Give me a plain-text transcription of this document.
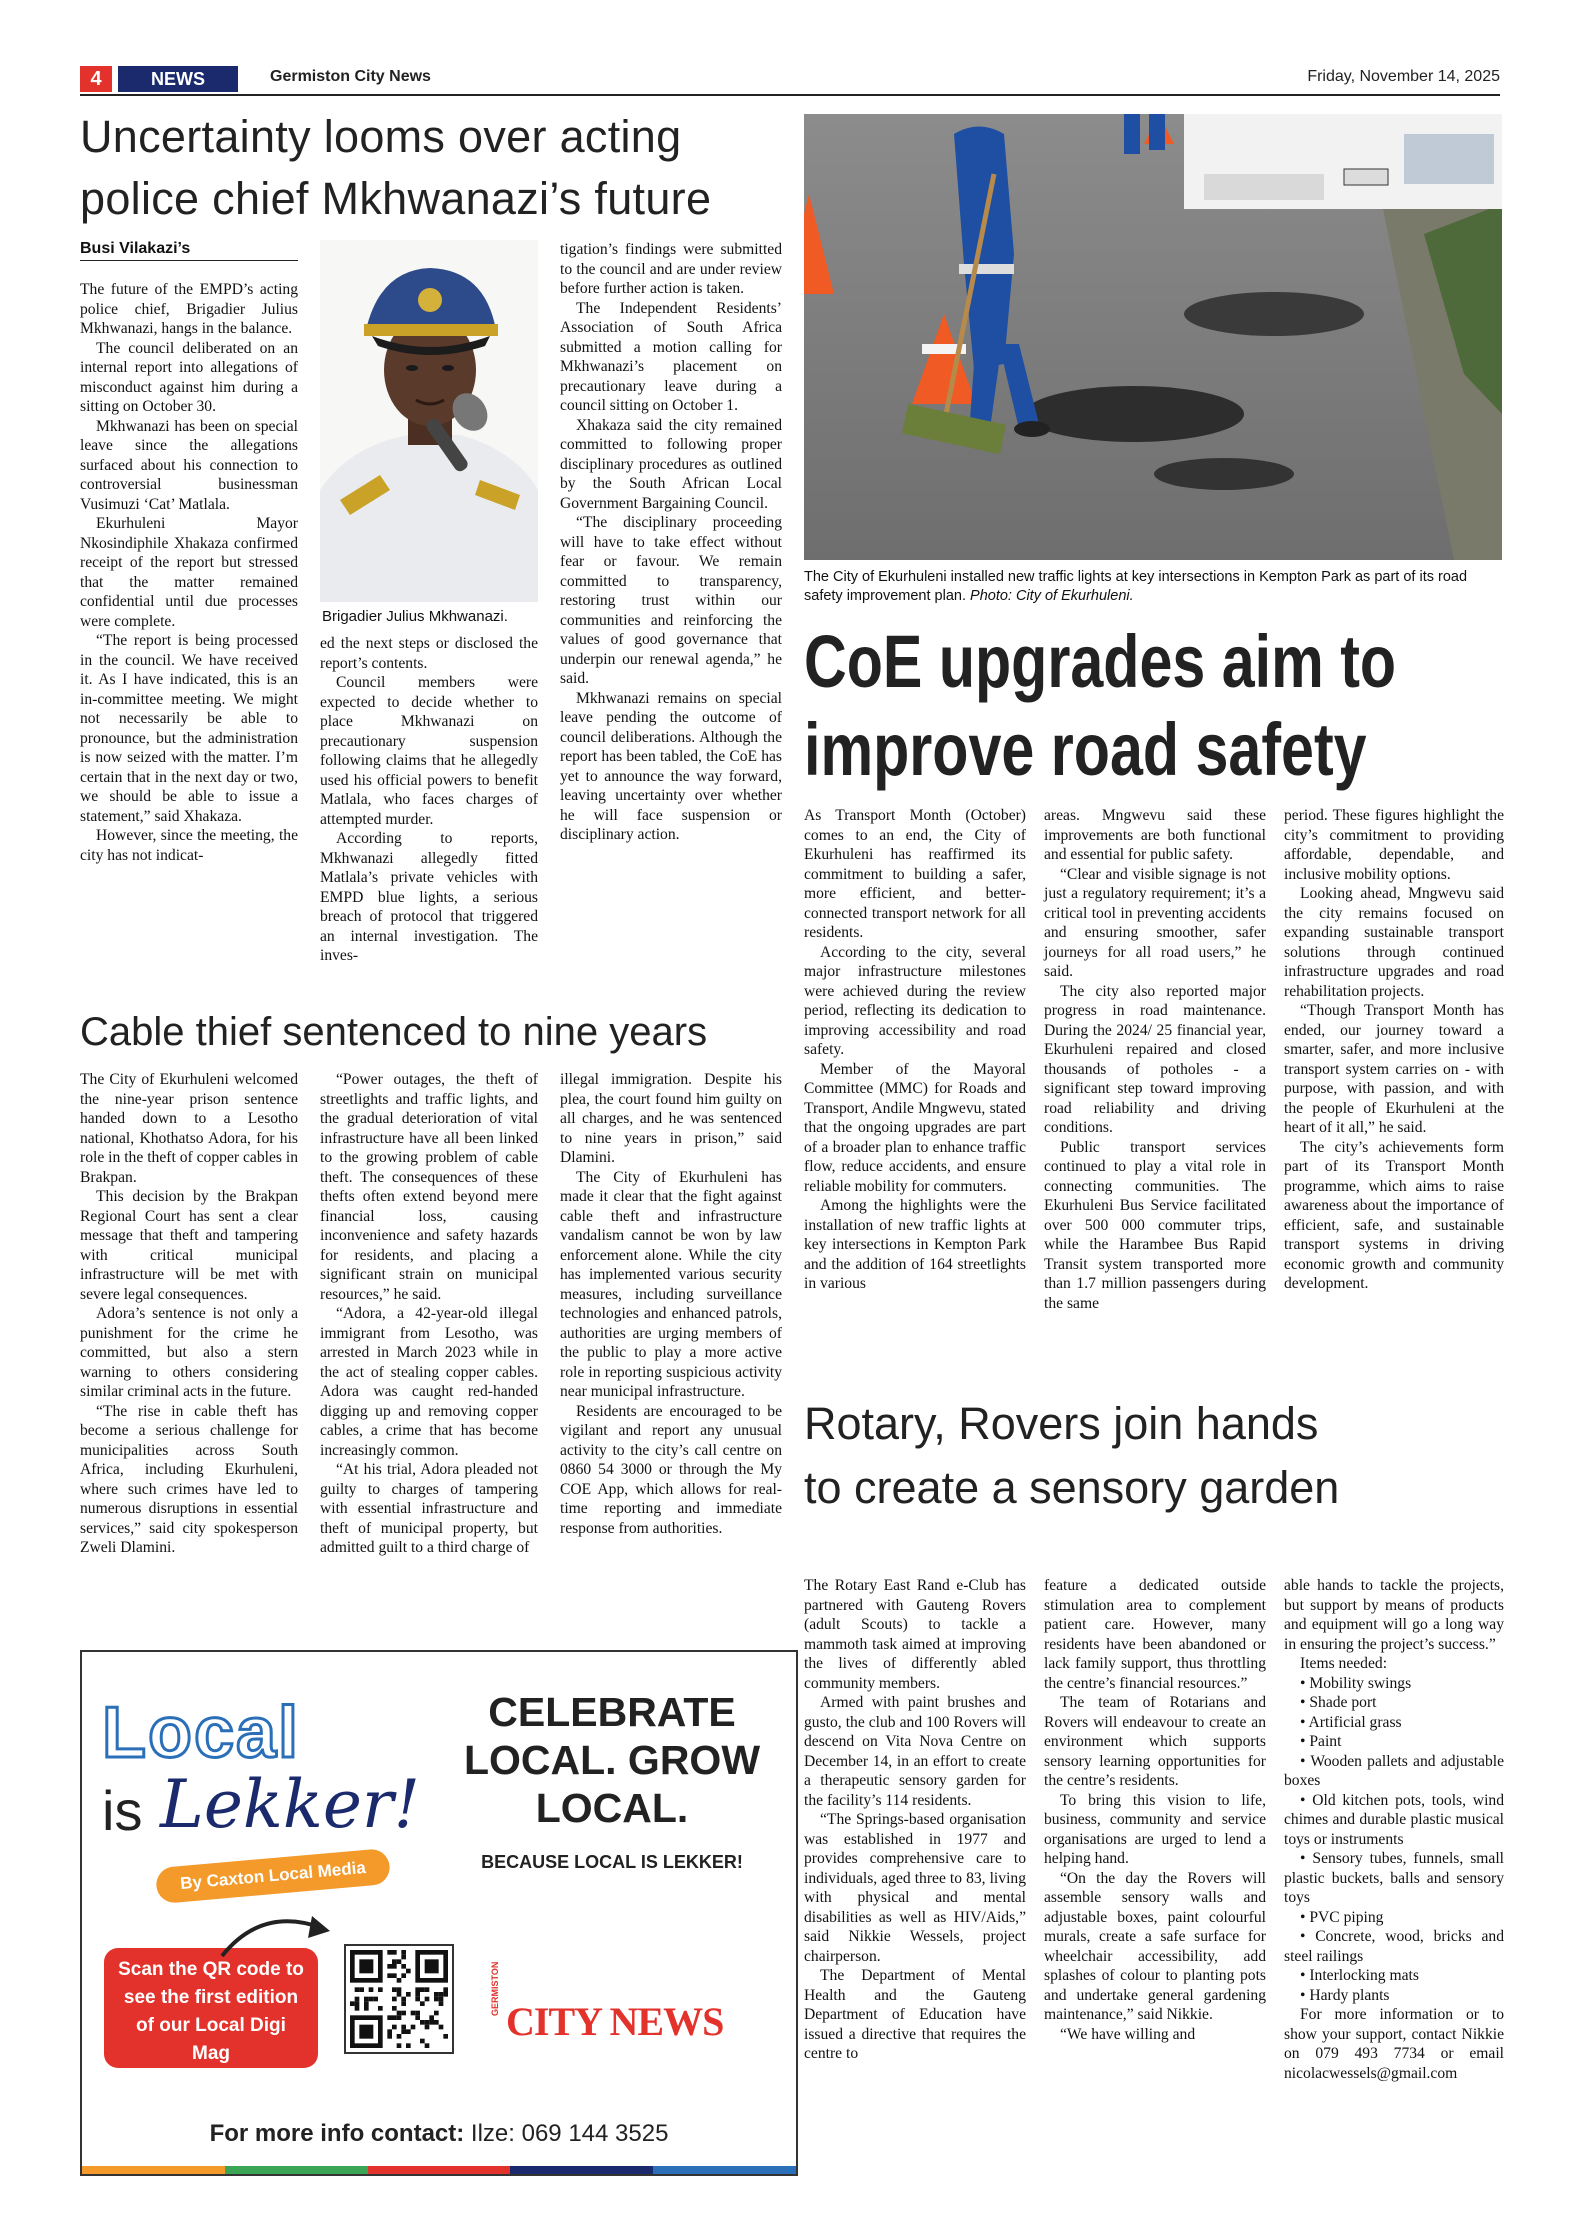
4	NEWS	Germiston City News	Friday, November 14, 2025
Uncertainty looms over acting
police chief Mkhwanazi’s future
Busi Vilakazi’s

The future of the EMPD’s acting police chief, Brigadier Julius Mkhwanazi, hangs in the balance.

The council deliberated on an internal report into allegations of misconduct against him during a sitting on October 30.

Mkhwanazi has been on special leave since the allegations surfaced about his connection to controversial businessman Vusimuzi ‘Cat’ Matlala.

Ekurhuleni Mayor Nkosindiphile Xhakaza confirmed receipt of the report but stressed that the matter remained confidential until due processes were complete.

“The report is being processed in the council. We have received it. As I have indicated, this is an in-committee meeting. We might not necessarily be able to pronounce, but the administration is now seized with the matter. I’m certain that in the next day or two, we should be able to issue a statement,” said Xhakaza.

However, since the meeting, the city has not indicat-

Brigadier Julius Mkhwanazi.

ed the next steps or disclosed the report’s contents.

Council members were expected to decide whether to place Mkhwanazi on precautionary suspension following claims that he allegedly used his official powers to benefit Matlala, who faces charges of attempted murder.

According to reports, Mkhwanazi allegedly fitted Matlala’s private vehicles with EMPD blue lights, a serious breach of protocol that triggered an internal investigation. The inves-

tigation’s findings were submitted to the council and are under review before further action is taken.

The Independent Residents’ Association of South Africa submitted a motion calling for Mkhwanazi’s placement on precautionary leave during a council sitting on October 1.

Xhakaza said the city remained committed to following proper disciplinary procedures as outlined by the South African Local Government Bargaining Council.

“The disciplinary proceeding will have to take effect without fear or favour. We remain committed to transparency, restoring trust within our communities and reinforcing the values of good governance that underpin our renewal agenda,” he said.

Mkhwanazi remains on special leave pending the outcome of council deliberations. Although the report has been tabled, the CoE has yet to announce the way forward, leaving uncertainty over whether he will face suspension or disciplinary action.

The City of Ekurhuleni installed new traffic lights at key intersections in Kempton Park as part of its road safety improvement plan. Photo: City of Ekurhuleni.
CoE upgrades aim to
improve road safety

As Transport Month (October) comes to an end, the City of Ekurhuleni has reaffirmed its commitment to building a safer, more efficient, and better-connected transport network for all residents.

According to the city, several major infrastructure milestones were achieved during the review period, reflecting its dedication to improving accessibility and road safety.

Member of the Mayoral Committee (MMC) for Roads and Transport, Andile Mngwevu, stated that the ongoing upgrades are part of a broader plan to enhance traffic flow, reduce accidents, and ensure reliable mobility for commuters.

Among the highlights were the installation of new traffic lights at key intersections in Kempton Park and the addition of 164 streetlights in various

areas. Mngwevu said these improvements are both functional and essential for public safety.

“Clear and visible signage is not just a regulatory requirement; it’s a critical tool in preventing accidents and ensuring smoother, safer journeys for all road users,” he said.

The city also reported major progress in road maintenance. During the 2024/ 25 financial year, Ekurhuleni repaired and closed thousands of potholes - a significant step toward improving road reliability and driving conditions.

Public transport services continued to play a vital role in connecting communities. The Ekurhuleni Bus Service facilitated over 500 000 commuter trips, while the Harambee Bus Rapid Transit system transported more than 1.7 million passengers during the same

period. These figures highlight the city’s commitment to providing affordable, dependable, and inclusive mobility options.

Looking ahead, Mngwevu said the city remains focused on expanding sustainable transport solutions through continued infrastructure upgrades and road rehabilitation projects.

“Though Transport Month has ended, our journey toward a smarter, safer, and more inclusive transport system carries on - with purpose, with passion, and with the people of Ekurhuleni at the heart of it all,” he said.

The city’s achievements form part of its Transport Month programme, which aims to raise awareness about the importance of efficient, safe, and sustainable transport systems in driving economic growth and community development.

Cable thief sentenced to nine years

The City of Ekurhuleni welcomed the nine-year prison sentence handed down to a Lesotho national, Khothatso Adora, for his role in the theft of copper cables in Brakpan.

This decision by the Brakpan Regional Court has sent a clear message that theft and tampering with critical municipal infrastructure will be met with severe legal consequences.

Adora’s sentence is not only a punishment for the crime he committed, but also a stern warning to others considering similar criminal acts in the future.

“The rise in cable theft has become a serious challenge for municipalities across South Africa, including Ekurhuleni, where such crimes have led to numerous disruptions in essential services,” said city spokesperson Zweli Dlamini.

“Power outages, the theft of streetlights and traffic lights, and the gradual deterioration of vital infrastructure have all been linked to the growing problem of cable theft. The consequences of these thefts often extend beyond mere financial loss, causing inconvenience and safety hazards for residents, and placing a significant strain on municipal resources,” he said.

“Adora, a 42-year-old illegal immigrant from Lesotho, was arrested in March 2023 while in the act of stealing copper cables. Adora was caught red-handed digging up and removing copper cables, a crime that has become increasingly common.

“At his trial, Adora pleaded not guilty to charges of tampering with essential infrastructure and theft of municipal property, but admitted guilt to a third charge of

illegal immigration. Despite his plea, the court found him guilty on all charges, and he was sentenced to nine years in prison,” said Dlamini.

The City of Ekurhuleni has made it clear that the fight against cable theft and infrastructure vandalism cannot be won by law enforcement alone. While the city has implemented various security measures, including surveillance technologies and enhanced patrols, authorities are urging members of the public to play a more active role in reporting suspicious activity near municipal infrastructure.

Residents are encouraged to be vigilant and report any unusual activity to the city’s call centre on 0860 54 3000 or through the My COE App, which allows for real-time reporting and immediate response from authorities.

Rotary, Rovers join hands
to create a sensory garden

The Rotary East Rand e-Club has partnered with Gauteng Rovers (adult Scouts) to tackle a mammoth task aimed at improving the lives of differently abled community members.

Armed with paint brushes and gusto, the club and 100 Rovers will descend on Vita Nova Centre on December 14, in an effort to create a therapeutic sensory garden for the facility’s 114 residents.

“The Springs-based organisation was established in 1977 and provides comprehensive care to individuals, aged three to 83, living with physical and mental disabilities as well as HIV/Aids,” said Nikkie Wessels, project chairperson.

The Department of Mental Health and the Gauteng Department of Education have issued a directive that requires the centre to

feature a dedicated outside stimulation area to complement patient care. However, many residents have been abandoned or lack family support, thus throttling the centre’s financial resources.”

The team of Rotarians and Rovers will endeavour to create an environment which supports sensory learning opportunities for the centre’s residents.

To bring this vision to life, business, community and service organisations are urged to lend a helping hand.

“On the day the Rovers will assemble sensory walls and adjustable boxes, paint colourful murals, create a safe surface for wheelchair accessibility, add splashes of colour to planting pots and undertake general gardening maintenance,” said Nikkie.

“We have willing and

able hands to tackle the projects, but support by means of products and equipment will go a long way in ensuring the project’s success.”

Items needed:

• Mobility swings

• Shade port

• Artificial grass

• Paint

• Wooden pallets and adjustable boxes

• Old kitchen pots, tools, wind chimes and durable plastic musical toys or instruments

• Sensory tubes, funnels, small plastic buckets, balls and sensory toys

• PVC piping

• Concrete, wood, bricks and steel railings

• Interlocking mats

• Hardy plants

For more information or to show your support, contact Nikkie on 079 493 7734 or email nicolacwessels@gmail.com

Local
is Lekker!
By Caxton Local Media
CELEBRATE
LOCAL. GROW
LOCAL.
BECAUSE LOCAL IS LEKKER!
Scan the QR code to see the first edition of our Local Digi Mag
GERMISTON
CITY NEWS
For more info contact: Ilze: 069 144 3525
